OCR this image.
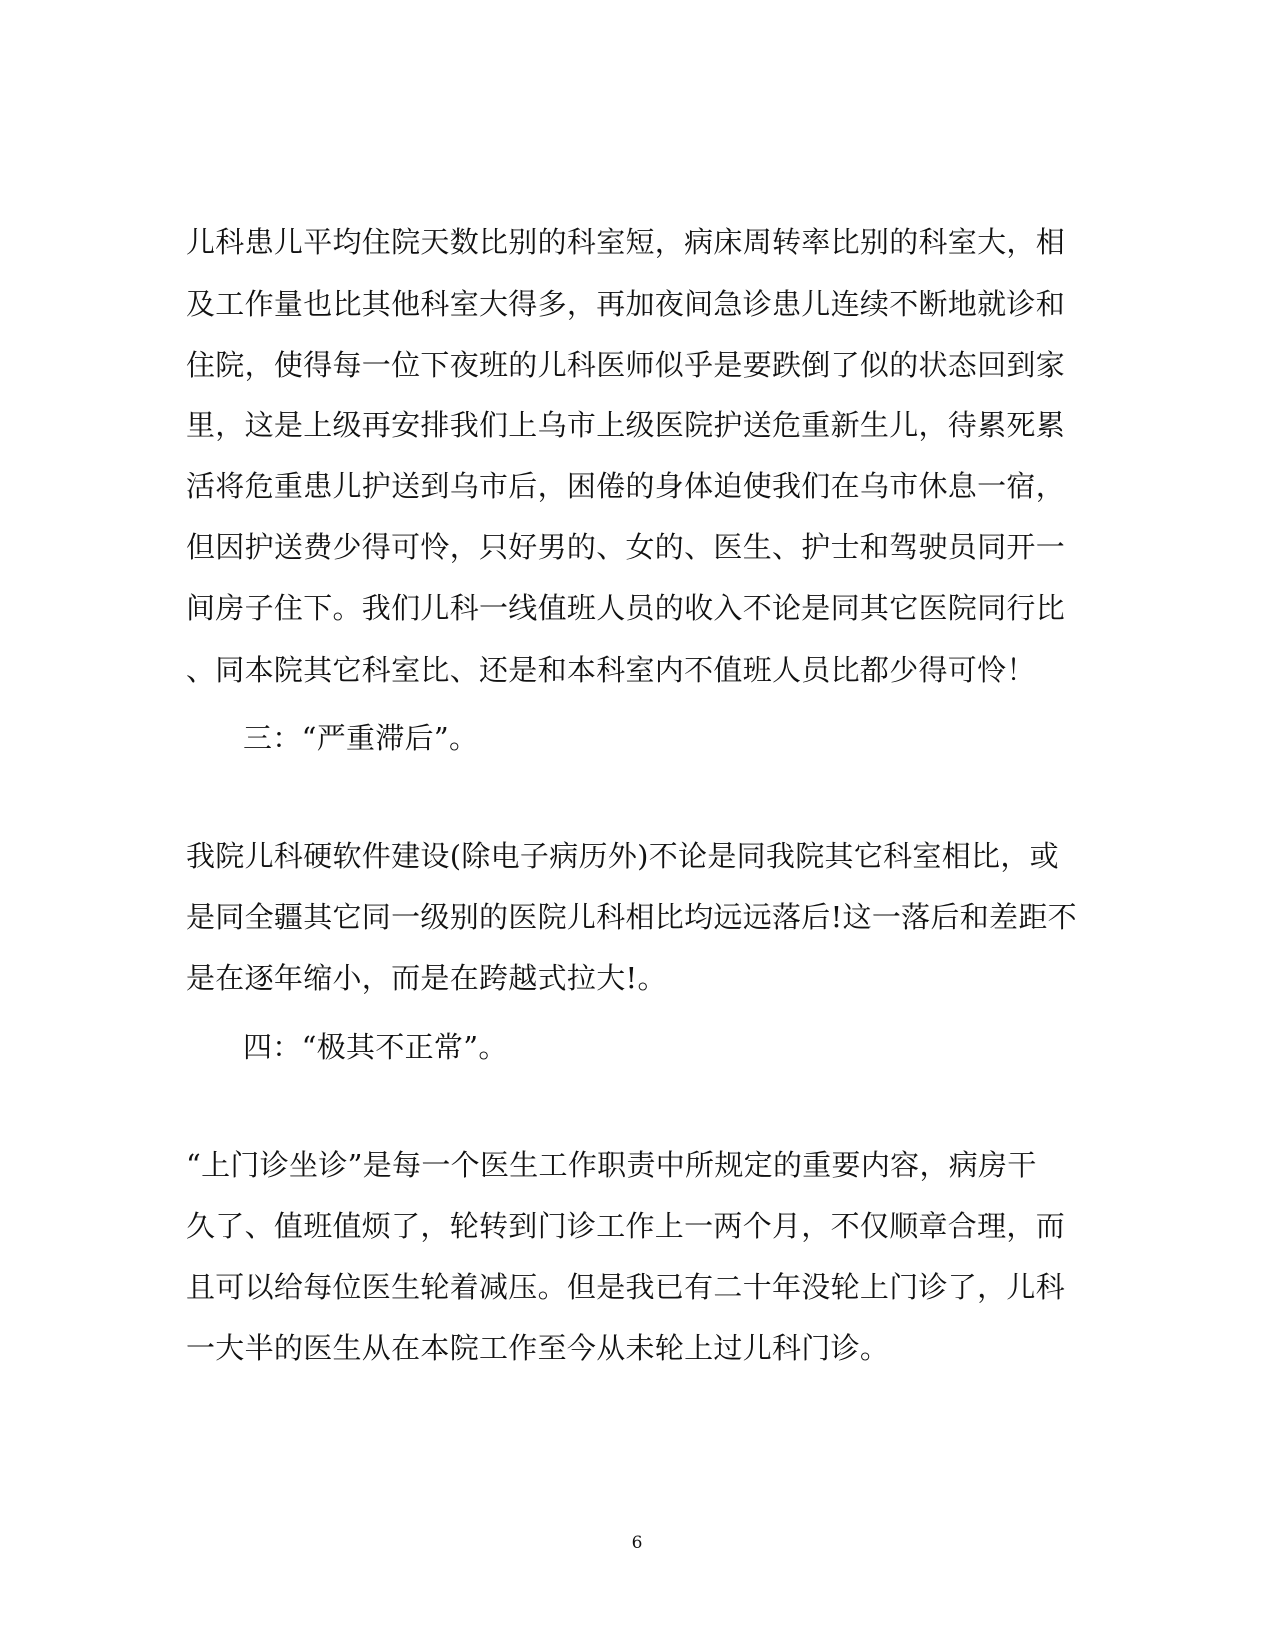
儿科患儿平均住院天数比别的科室短，病床周转率比别的科室大，相
及工作量也比其他科室大得多，再加夜间急诊患儿连续不断地就诊和
住院，使得每一位下夜班的儿科医师似乎是要跌倒了似的状态回到家
里，这是上级再安排我们上乌市上级医院护送危重新生儿，待累死累
活将危重患儿护送到乌市后，困倦的身体迫使我们在乌市休息一宿，
但因护送费少得可怜，只好男的、女的、医生、护士和驾驶员同开一
间房子住下。我们儿科一线值班人员的收入不论是同其它医院同行比
、同本院其它科室比、还是和本科室内不值班人员比都少得可怜！
三：“严重滞后”。
我院儿科硬软件建设(除电子病历外)不论是同我院其它科室相比，或
是同全疆其它同一级别的医院儿科相比均远远落后!这一落后和差距不
是在逐年缩小，而是在跨越式拉大!。
四：“极其不正常”。
“上门诊坐诊”是每一个医生工作职责中所规定的重要内容，病房干
久了、值班值烦了，轮转到门诊工作上一两个月，不仅顺章合理，而
且可以给每位医生轮着减压。但是我已有二十年没轮上门诊了，儿科
一大半的医生从在本院工作至今从未轮上过儿科门诊。
6
